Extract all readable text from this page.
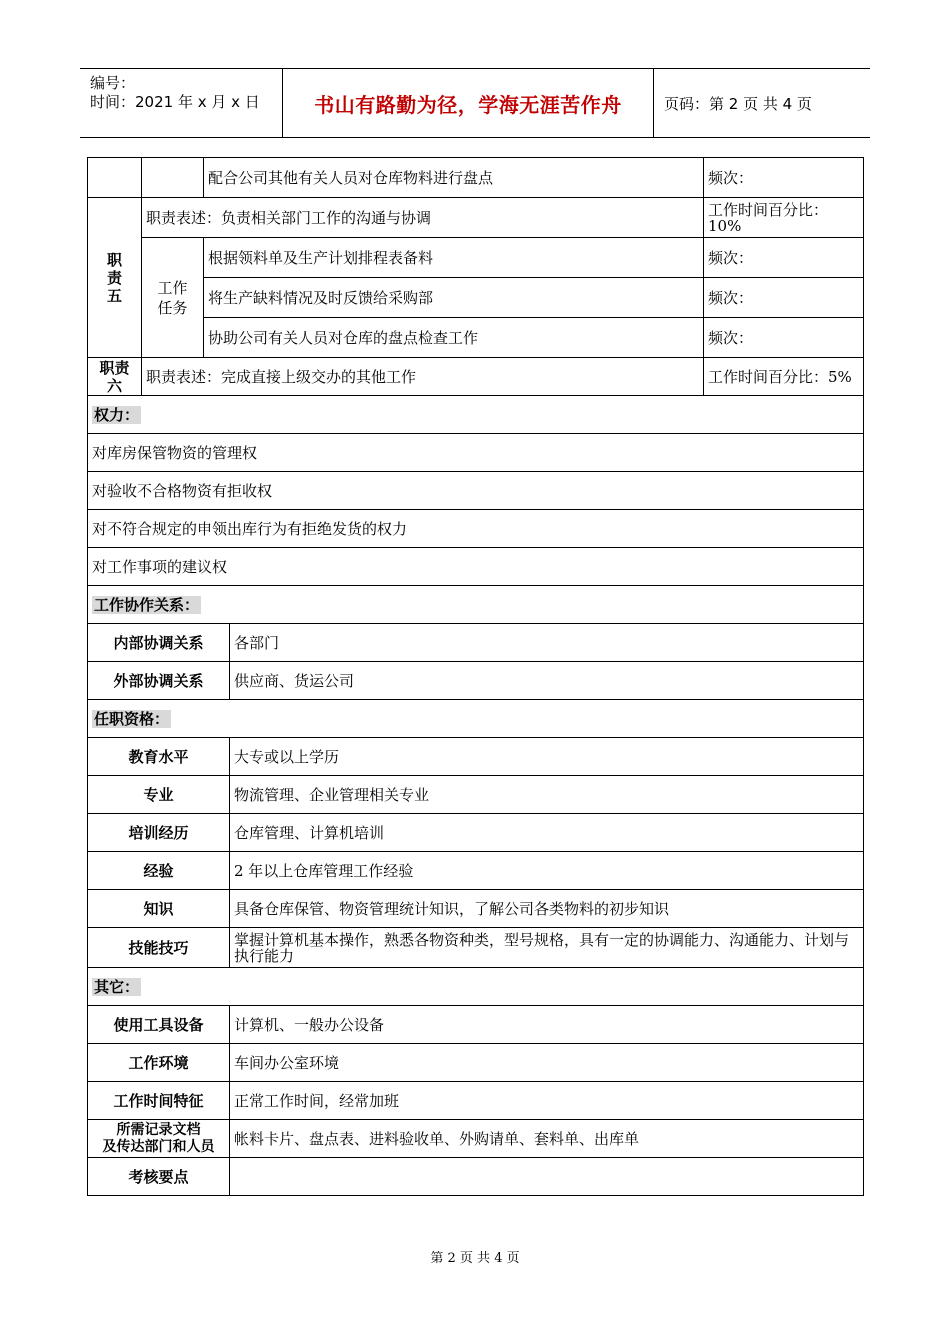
编号：
时间：2021 年 x 月 x 日	书山有路勤为径，学海无涯苦作舟	页码：第 2 页 共 4 页
		配合公司其他有关人员对仓库物料进行盘点		频次：
职
责
五	职责表述：负责相关部门工作的沟通与协调			工作时间百分比：10%
	工作
任务	根据领料单及生产计划排程表备料		频次：
		将生产缺料情况及时反馈给采购部		频次：
		协助公司有关人员对仓库的盘点检查工作		频次：
职责
六	职责表述：完成直接上级交办的其他工作			工作时间百分比：5%
权力：				
对库房保管物资的管理权				
对验收不合格物资有拒收权				
对不符合规定的申领出库行为有拒绝发货的权力				
对工作事项的建议权				
工作协作关系：				
内部协调关系			各部门	
外部协调关系			供应商、货运公司	
任职资格：				
教育水平			大专或以上学历	
专业			物流管理、企业管理相关专业	
培训经历			仓库管理、计算机培训	
经验			2 年以上仓库管理工作经验	
知识			具备仓库保管、物资管理统计知识，了解公司各类物料的初步知识	
技能技巧			掌握计算机基本操作，熟悉各物资种类，型号规格，具有一定的协调能力、沟通能力、计划与执行能力	
其它：				
使用工具设备			计算机、一般办公设备	
工作环境			车间办公室环境	
工作时间特征			正常工作时间，经常加班	
所需记录文档
及传达部门和人员			帐料卡片、盘点表、进料验收单、外购请单、套料单、出库单	
考核要点				
第 2 页 共 4 页
